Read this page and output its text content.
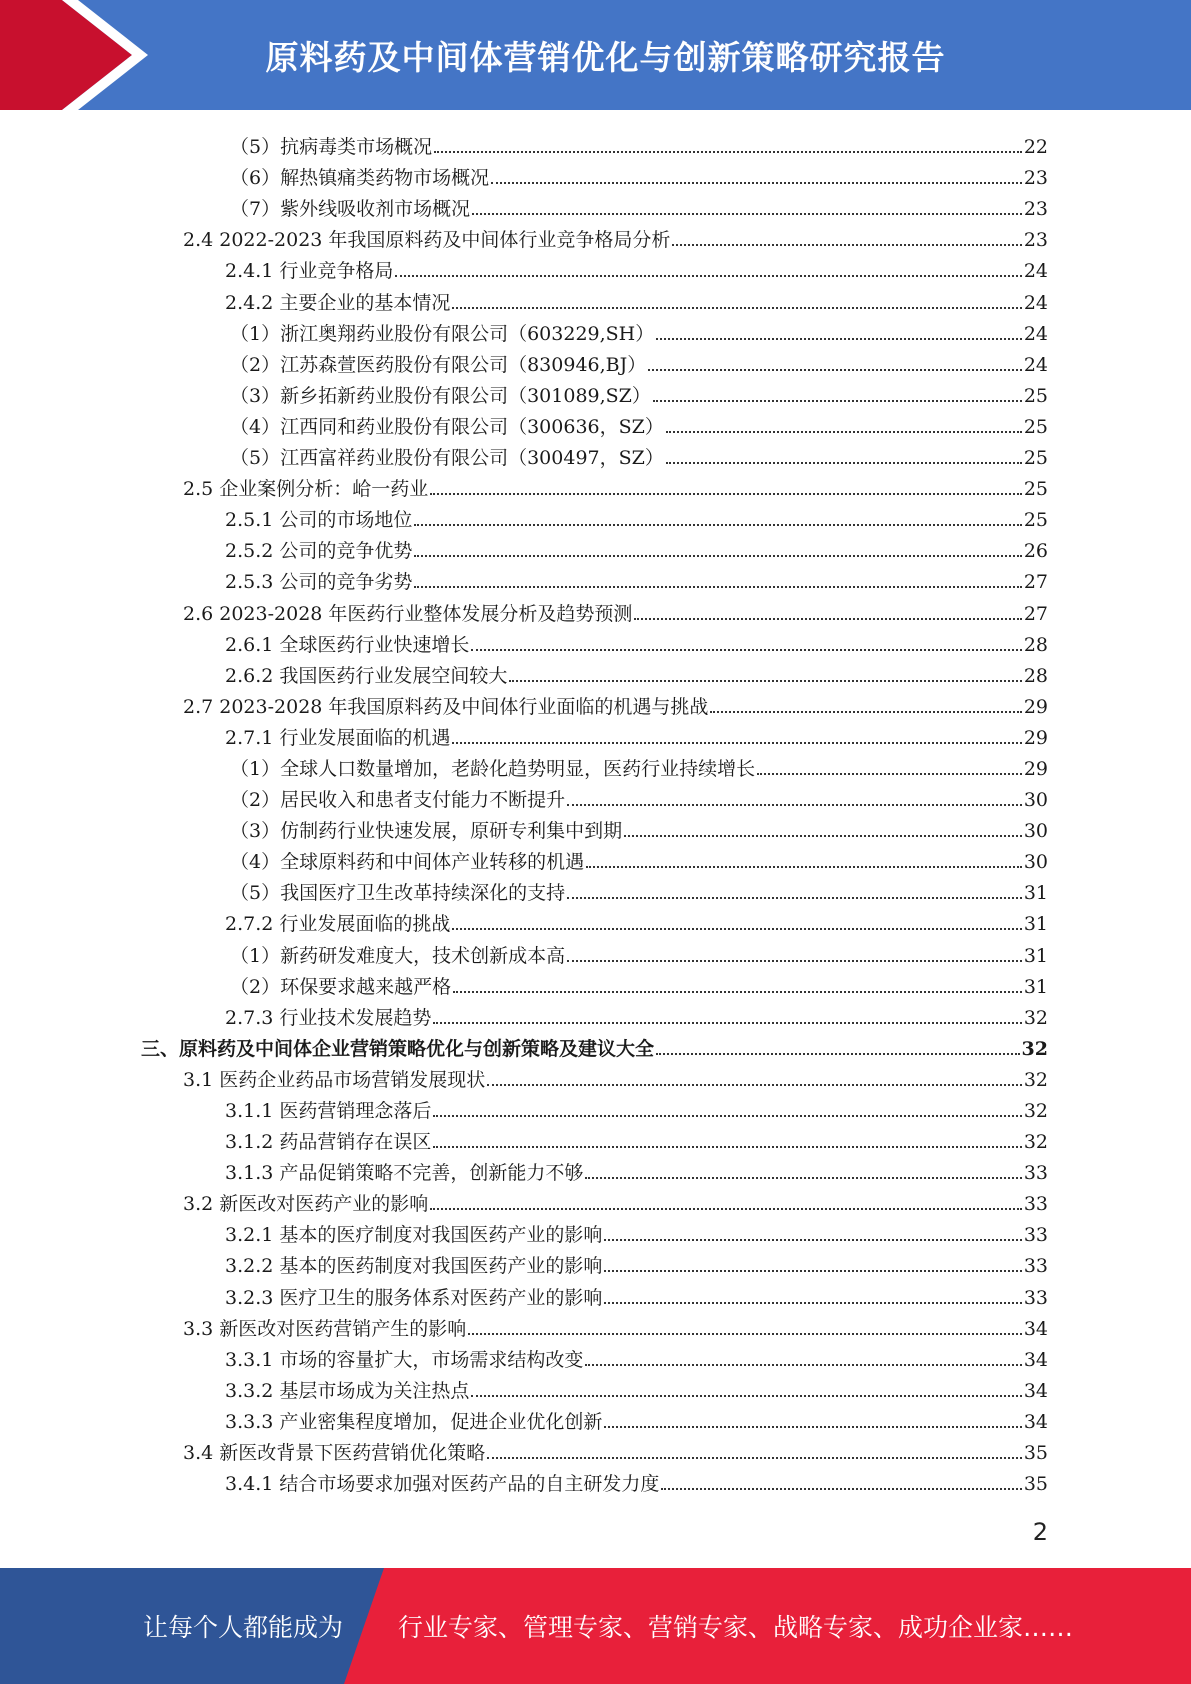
原料药及中间体营销优化与创新策略研究报告
（5）抗病毒类市场概况	22
（6）解热镇痛类药物市场概况	23
（7）紫外线吸收剂市场概况	23
2.4 2022-2023 年我国原料药及中间体行业竞争格局分析	23
2.4.1 行业竞争格局	24
2.4.2 主要企业的基本情况	24
（1）浙江奥翔药业股份有限公司（603229,SH）	24
（2）江苏森萱医药股份有限公司（830946,BJ）	24
（3）新乡拓新药业股份有限公司（301089,SZ）	25
（4）江西同和药业股份有限公司（300636，SZ）	25
（5）江西富祥药业股份有限公司（300497，SZ）	25
2.5 企业案例分析：峆一药业	25
2.5.1 公司的市场地位	25
2.5.2 公司的竞争优势	26
2.5.3 公司的竞争劣势	27
2.6 2023-2028 年医药行业整体发展分析及趋势预测	27
2.6.1 全球医药行业快速增长	28
2.6.2 我国医药行业发展空间较大	28
2.7 2023-2028 年我国原料药及中间体行业面临的机遇与挑战	29
2.7.1 行业发展面临的机遇	29
（1）全球人口数量增加，老龄化趋势明显，医药行业持续增长	29
（2）居民收入和患者支付能力不断提升	30
（3）仿制药行业快速发展，原研专利集中到期	30
（4）全球原料药和中间体产业转移的机遇	30
（5）我国医疗卫生改革持续深化的支持	31
2.7.2 行业发展面临的挑战	31
（1）新药研发难度大，技术创新成本高	31
（2）环保要求越来越严格	31
2.7.3 行业技术发展趋势	32
三、原料药及中间体企业营销策略优化与创新策略及建议大全	32
3.1 医药企业药品市场营销发展现状	32
3.1.1 医药营销理念落后	32
3.1.2 药品营销存在误区	32
3.1.3 产品促销策略不完善，创新能力不够	33
3.2 新医改对医药产业的影响	33
3.2.1 基本的医疗制度对我国医药产业的影响	33
3.2.2 基本的医药制度对我国医药产业的影响	33
3.2.3 医疗卫生的服务体系对医药产业的影响	33
3.3 新医改对医药营销产生的影响	34
3.3.1 市场的容量扩大，市场需求结构改变	34
3.3.2 基层市场成为关注热点	34
3.3.3 产业密集程度增加，促进企业优化创新	34
3.4 新医改背景下医药营销优化策略	35
3.4.1 结合市场要求加强对医药产品的自主研发力度	35
2
让每个人都能成为 行业专家、管理专家、营销专家、战略专家、成功企业家……
